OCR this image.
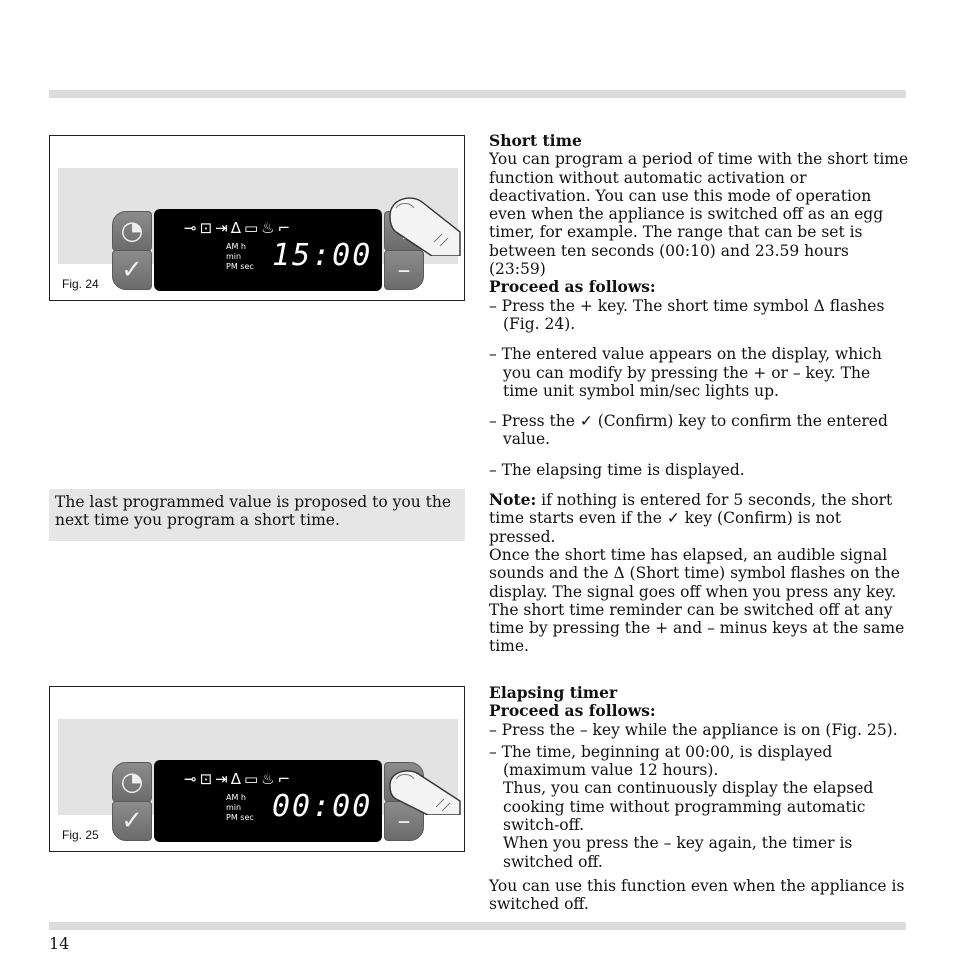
◔
✓
⊸⊡⇥Δ▭♨⌐
AM h
min
PM sec 15:00 –
Fig. 24
The last programmed value is proposed to you the next time you program a short time.
◔
✓
⊸⊡⇥Δ▭♨⌐
AM h
min
PM sec 00:00 –
Fig. 25

Short time

You can program a period of time with the short time function without automatic activation or deactivation. You can use this mode of operation even when the appliance is switched off as an egg timer, for example. The range that can be set is between ten seconds (00:10) and 23.59 hours (23:59)

Proceed as follows:

– Press the + key. The short time symbol Δ flashes (Fig. 24).

– The entered value appears on the display, which you can modify by pressing the + or – key. The time unit symbol min/sec lights up.

– Press the ✓ (Confirm) key to confirm the entered value.

– The elapsing time is displayed.

Note: if nothing is entered for 5 seconds, the short time starts even if the ✓ key (Confirm) is not pressed.

Once the short time has elapsed, an audible signal sounds and the Δ (Short time) symbol flashes on the display. The signal goes off when you press any key. The short time reminder can be switched off at any time by pressing the + and – minus keys at the same time.

Elapsing timer

Proceed as follows:

– Press the – key while the appliance is on (Fig. 25).

– The time, beginning at 00:00, is displayed (maximum value 12 hours).

Thus, you can continuously display the elapsed cooking time without programming automatic switch-off.

When you press the – key again, the timer is switched off.

You can use this function even when the appliance is switched off.

14
